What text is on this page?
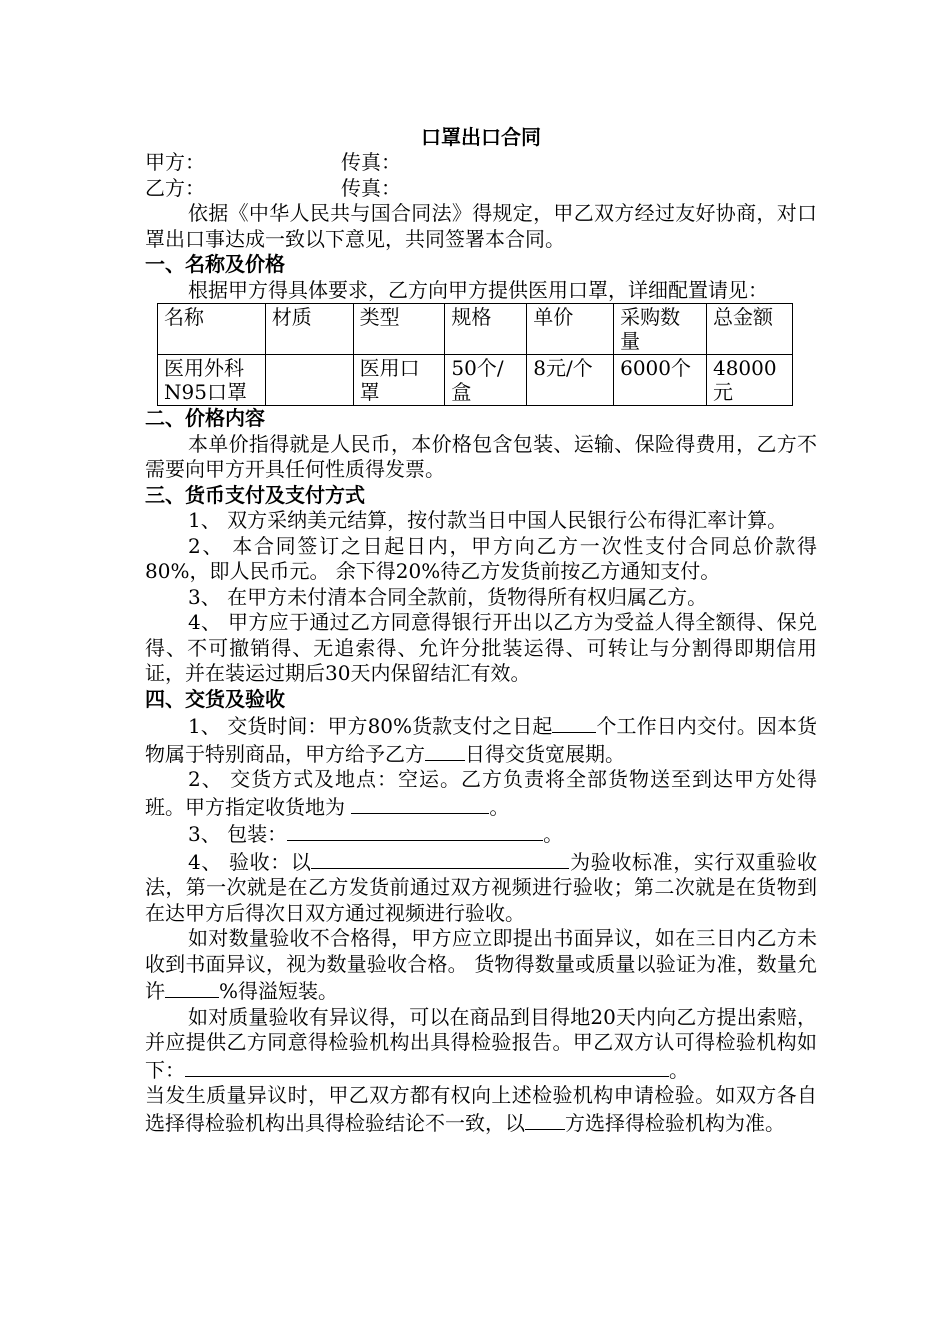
口罩出口合同
甲方：	传真：
乙方：	传真：
依据《中华人民共与国合同法》得规定，甲乙双方经过友好协商，对口罩出口事达成一致以下意见，共同签署本合同。
一、名称及价格
根据甲方得具体要求，乙方向甲方提供医用口罩，详细配置请见：
名称	材质	类型	规格	单价	采购数量	总金额
医用外科N95口罩		医用口罩	50个/盒	8元/个	6000个	48000元
二、价格内容
本单价指得就是人民币，本价格包含包装、运输、保险得费用，乙方不需要向甲方开具任何性质得发票。
三、货币支付及支付方式
1、 双方采纳美元结算，按付款当日中国人民银行公布得汇率计算。
2、 本合同签订之日起日内，甲方向乙方一次性支付合同总价款得80%，即人民币元。 余下得20%待乙方发货前按乙方通知支付。
3、 在甲方未付清本合同全款前，货物得所有权归属乙方。
4、 甲方应于通过乙方同意得银行开出以乙方为受益人得全额得、保兑得、不可撤销得、无追索得、允许分批装运得、可转让与分割得即期信用证，并在装运过期后30天内保留结汇有效。
四、交货及验收
1、 交货时间：甲方80%货款支付之日起 个工作日内交付。因本货物属于特别商品，甲方给予乙方 日得交货宽展期。
2、 交货方式及地点：空运。乙方负责将全部货物送至到达甲方处得班。甲方指定收货地为	。
3、 包装：	。
4、 验收：以	为验收标准，实行双重验收法，第一次就是在乙方发货前通过双方视频进行验收；第二次就是在货物到在达甲方后得次日双方通过视频进行验收。
如对数量验收不合格得，甲方应立即提出书面异议，如在三日内乙方未收到书面异议，视为数量验收合格。 货物得数量或质量以验证为准，数量允许	%得溢短装。
如对质量验收有异议得，可以在商品到目得地20天内向乙方提出索赔，并应提供乙方同意得检验机构出具得检验报告。甲乙双方认可得检验机构如下：	。
当发生质量异议时，甲乙双方都有权向上述检验机构申请检验。如双方各自选择得检验机构出具得检验结论不一致，以 方选择得检验机构为准。
